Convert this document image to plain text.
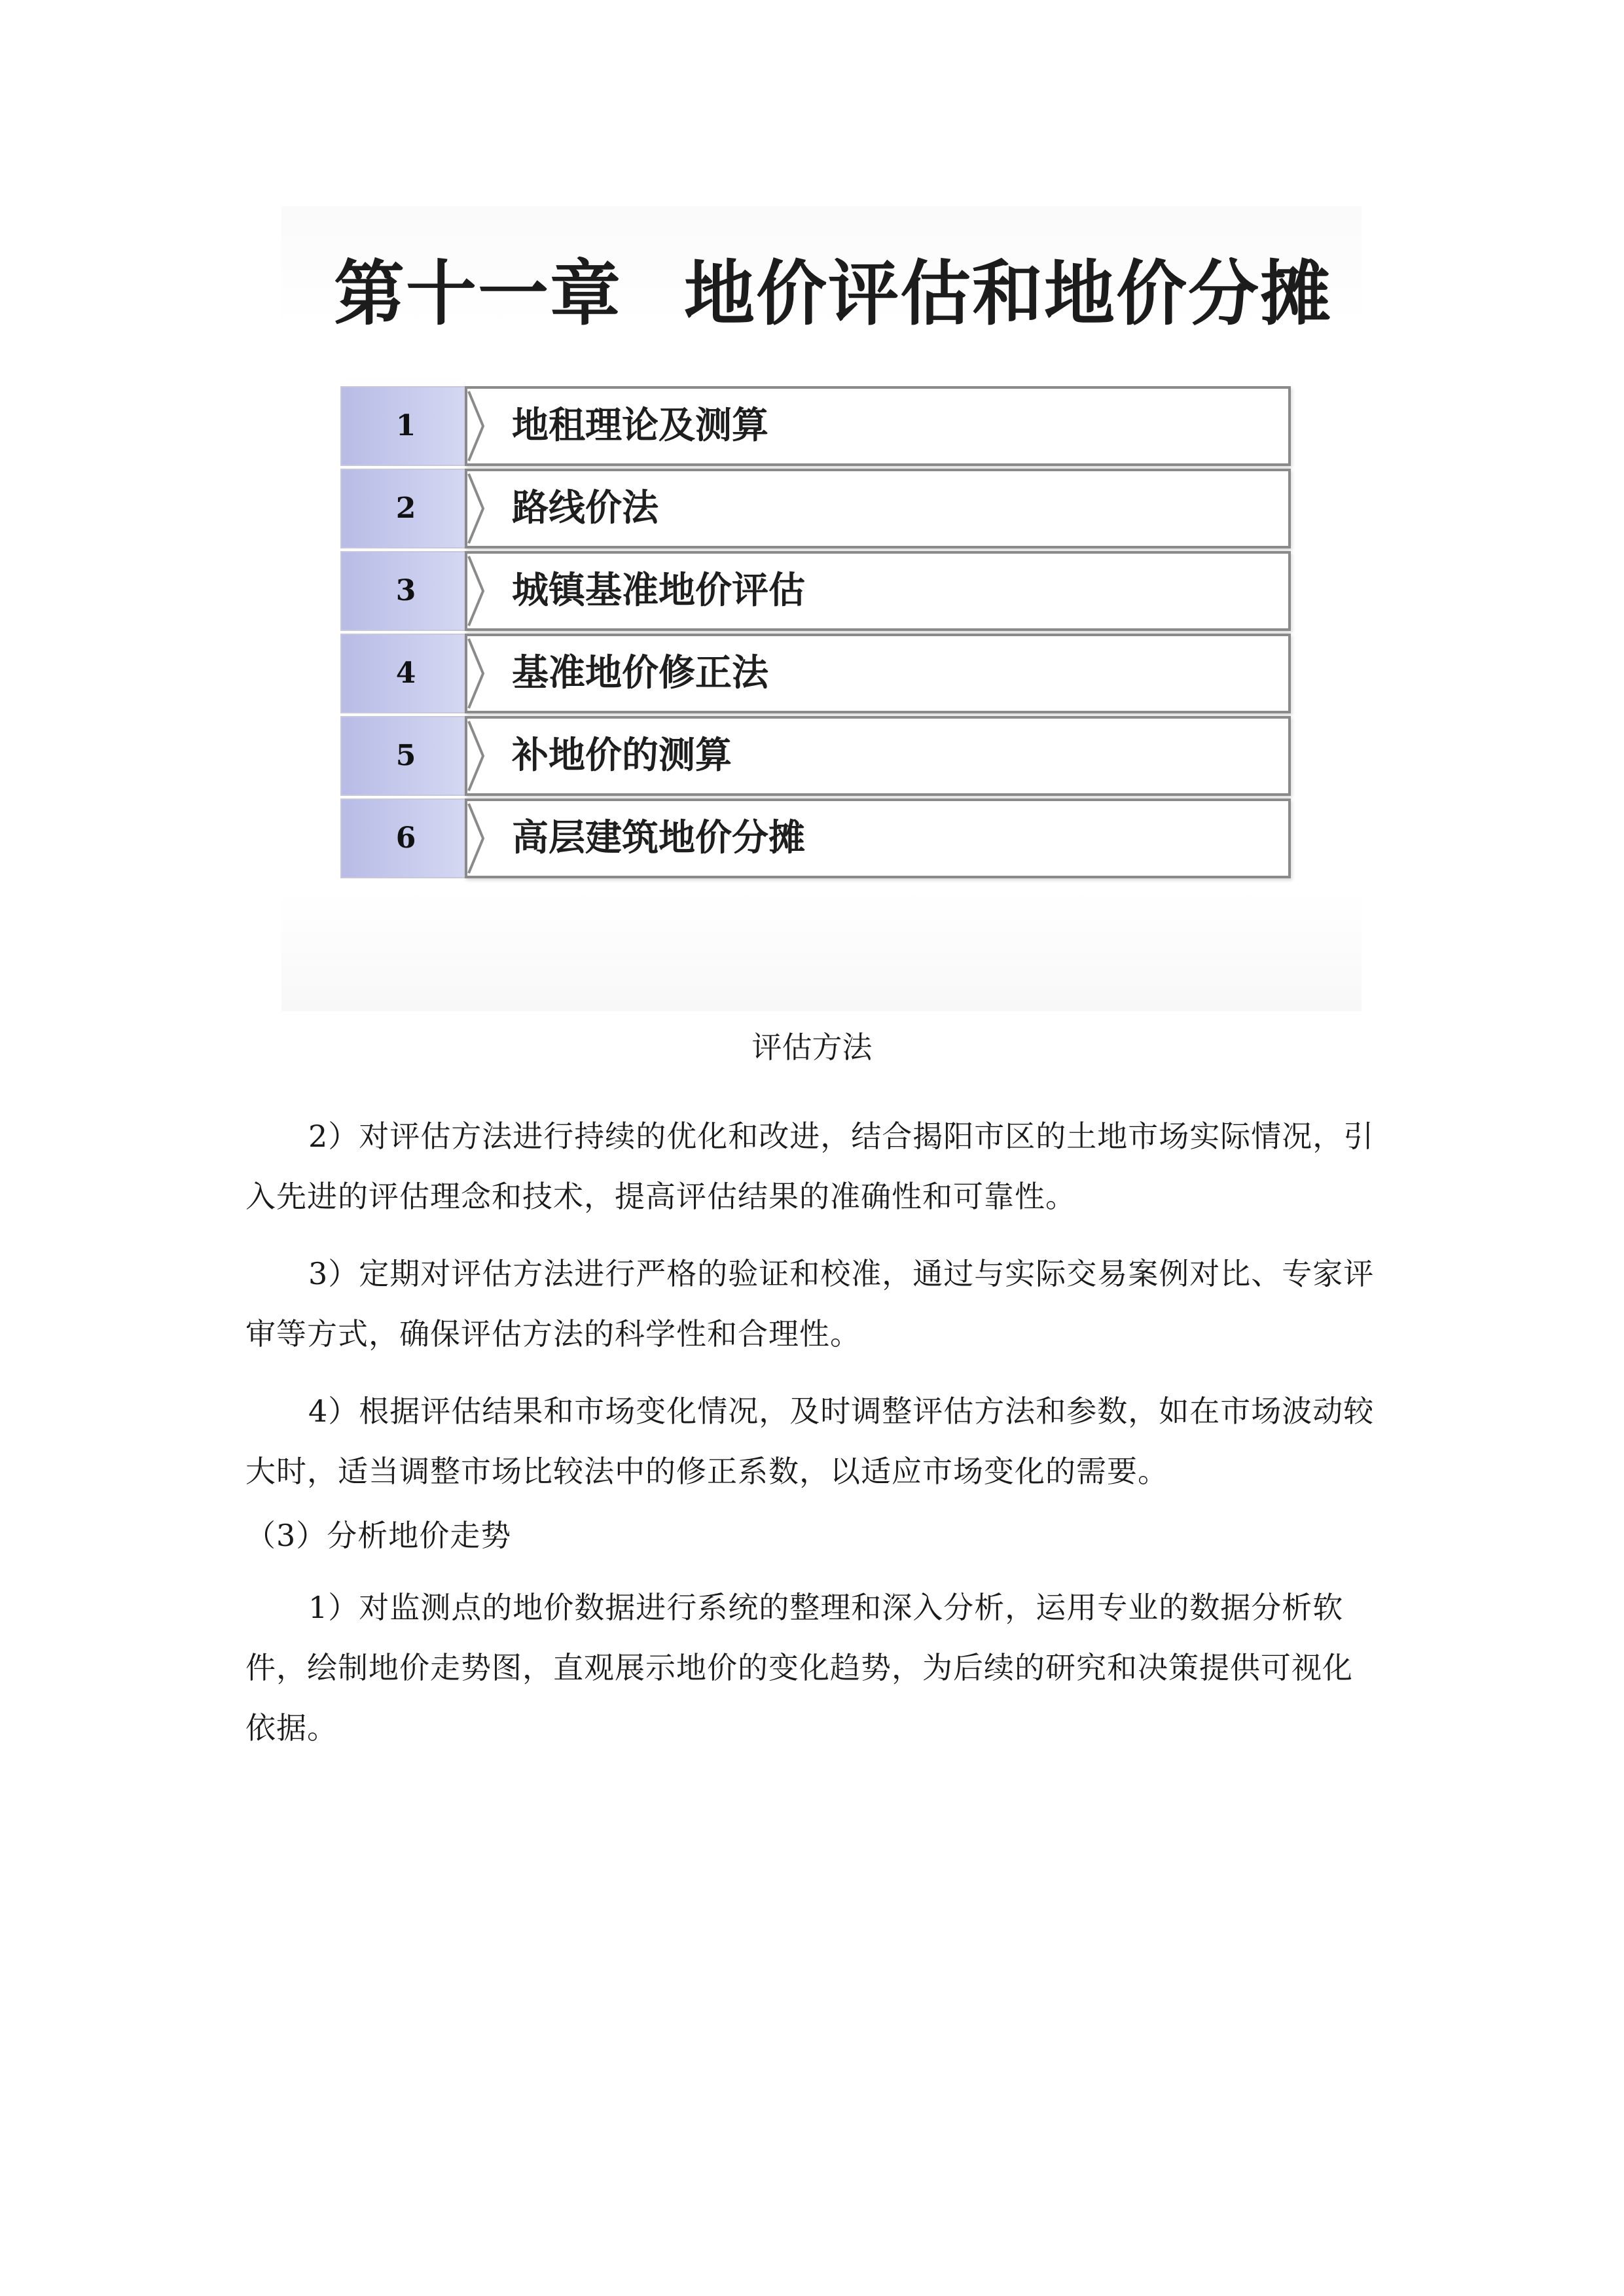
第十一章 地价评估和地价分摊
1	地租理论及测算
2	路线价法
3	城镇基准地价评估
4	基准地价修正法
5	补地价的测算
6	高层建筑地价分摊
评估方法
2）对评估方法进行持续的优化和改进，结合揭阳市区的土地市场实际情况，引入先进的评估理念和技术，提高评估结果的准确性和可靠性。
3）定期对评估方法进行严格的验证和校准，通过与实际交易案例对比、专家评审等方式，确保评估方法的科学性和合理性。
4）根据评估结果和市场变化情况，及时调整评估方法和参数，如在市场波动较大时，适当调整市场比较法中的修正系数，以适应市场变化的需要。
（3）分析地价走势
1）对监测点的地价数据进行系统的整理和深入分析，运用专业的数据分析软件，绘制地价走势图，直观展示地价的变化趋势，为后续的研究和决策提供可视化依据。
